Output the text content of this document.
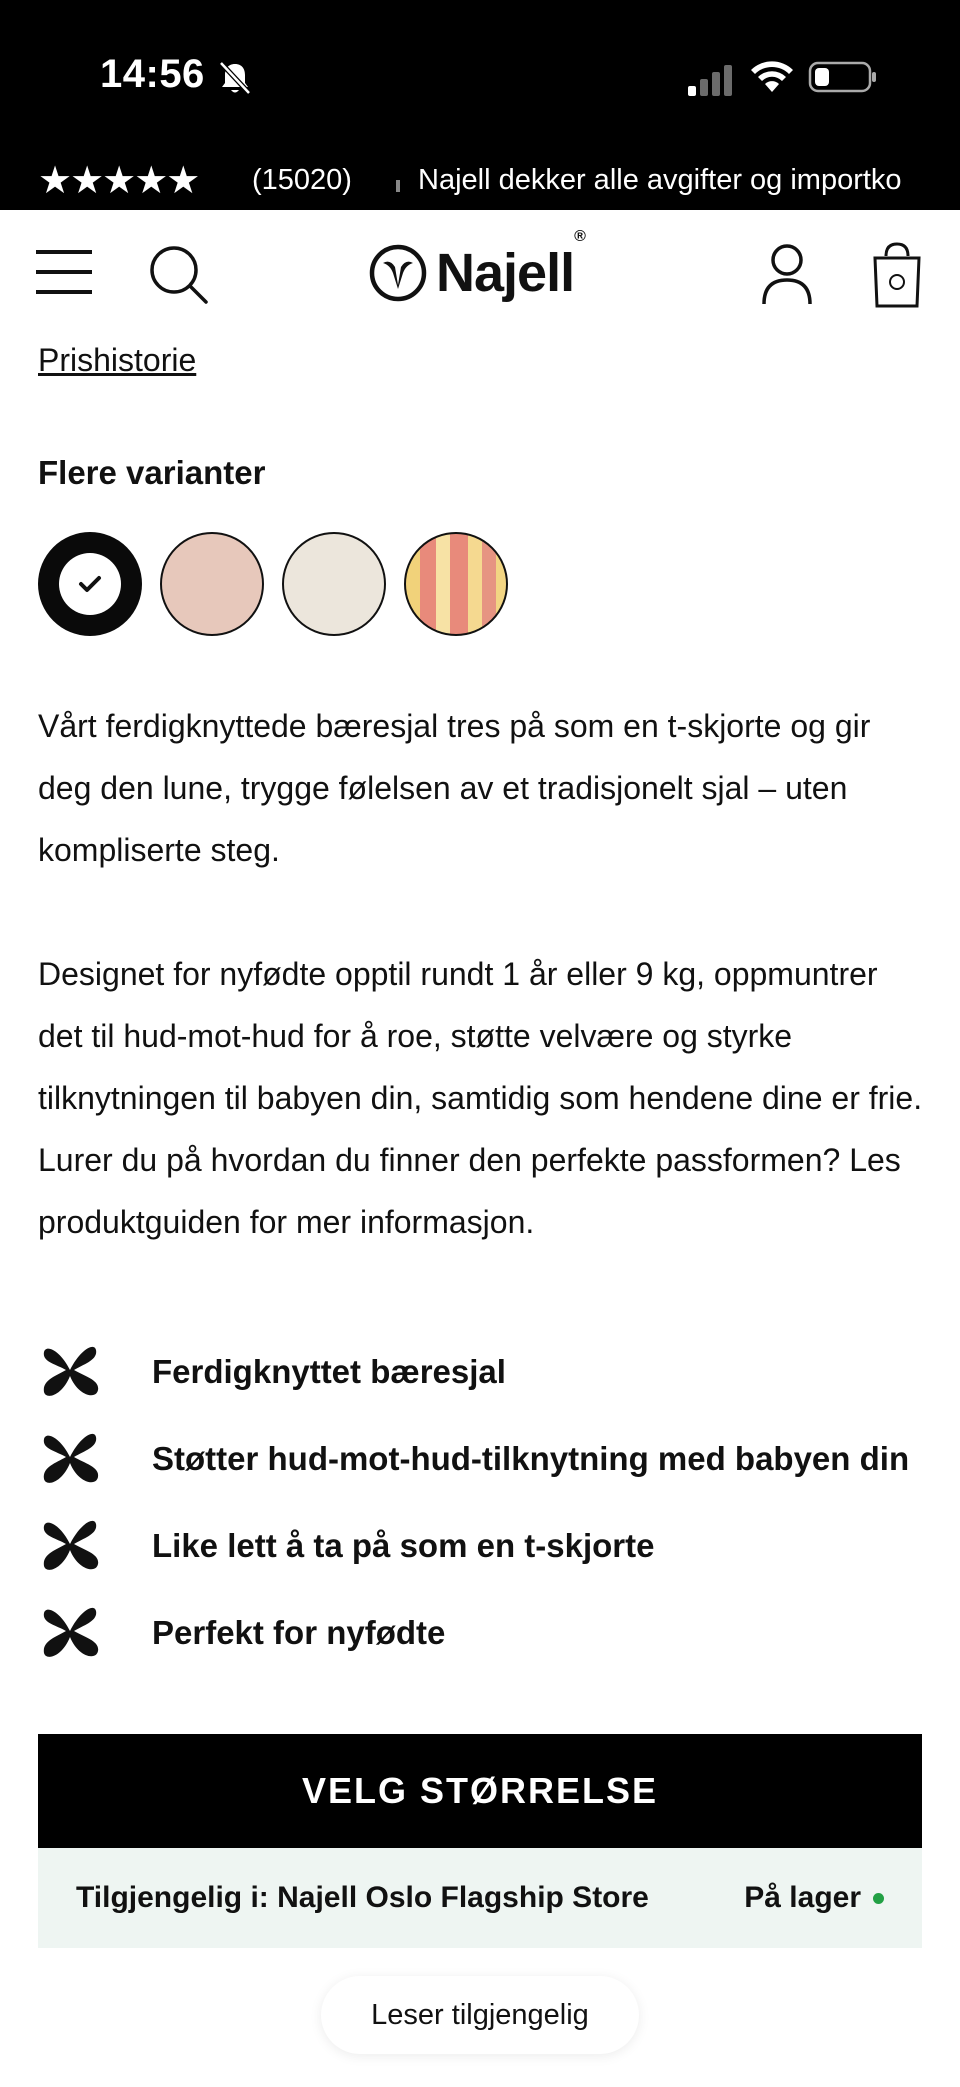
14:56
★★★★★ (15020) Najell dekker alle avgifter og importko
Najell®
Prishistorie
Flere varianter

Vårt ferdigknyttede bæresjal tres på som en t-skjorte og gir deg den lune, trygge følelsen av et tradisjonelt sjal – uten kompliserte steg.

Designet for nyfødte opptil rundt 1 år eller 9 kg, oppmuntrer det til hud-mot-hud for å roe, støtte velvære og styrke tilknytningen til babyen din, samtidig som hendene dine er frie. Lurer du på hvordan du finner den perfekte passformen? Les produktguiden for mer informasjon.

Ferdigknyttet bæresjal
Støtter hud-mot-hud-tilknytning med babyen din
Like lett å ta på som en t-skjorte
Perfekt for nyfødte
VELG STØRRELSE
Tilgjengelig i: Najell Oslo Flagship Store	På lager
Leser tilgjengelig
